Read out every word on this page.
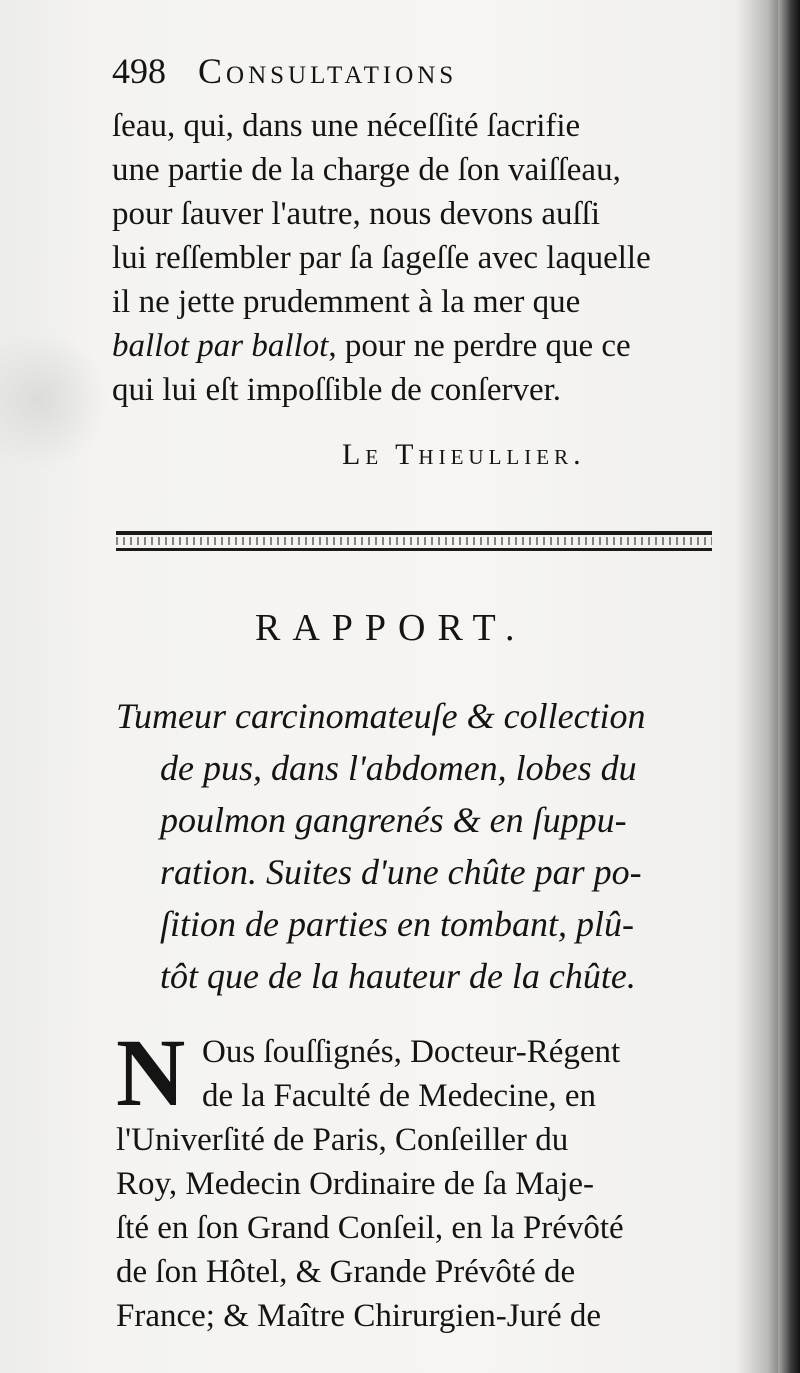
498 Consultations
ſeau, qui, dans une néceſſité ſacrifie
une partie de la charge de ſon vaiſſeau,
pour ſauver l'autre, nous devons auſſi
lui reſſembler par ſa ſageſſe avec laquelle
il ne jette prudemment à la mer que
ballot par ballot, pour ne perdre que ce
qui lui eſt impoſſible de conſerver.
Le Thieullier.
RAPPORT.
Tumeur carcinomateuſe & collection
de pus, dans l'abdomen, lobes du
poulmon gangrenés & en ſuppu-
ration. Suites d'une chûte par po-
ſition de parties en tombant, plû-
tôt que de la hauteur de la chûte.
N Ous ſouſſignés, Docteur-Régent
de la Faculté de Medecine, en
l'Univerſité de Paris, Conſeiller du
Roy, Medecin Ordinaire de ſa Maje-
ſté en ſon Grand Conſeil, en la Prévôté
de ſon Hôtel, & Grande Prévôté de
France; & Maître Chirurgien-Juré de
